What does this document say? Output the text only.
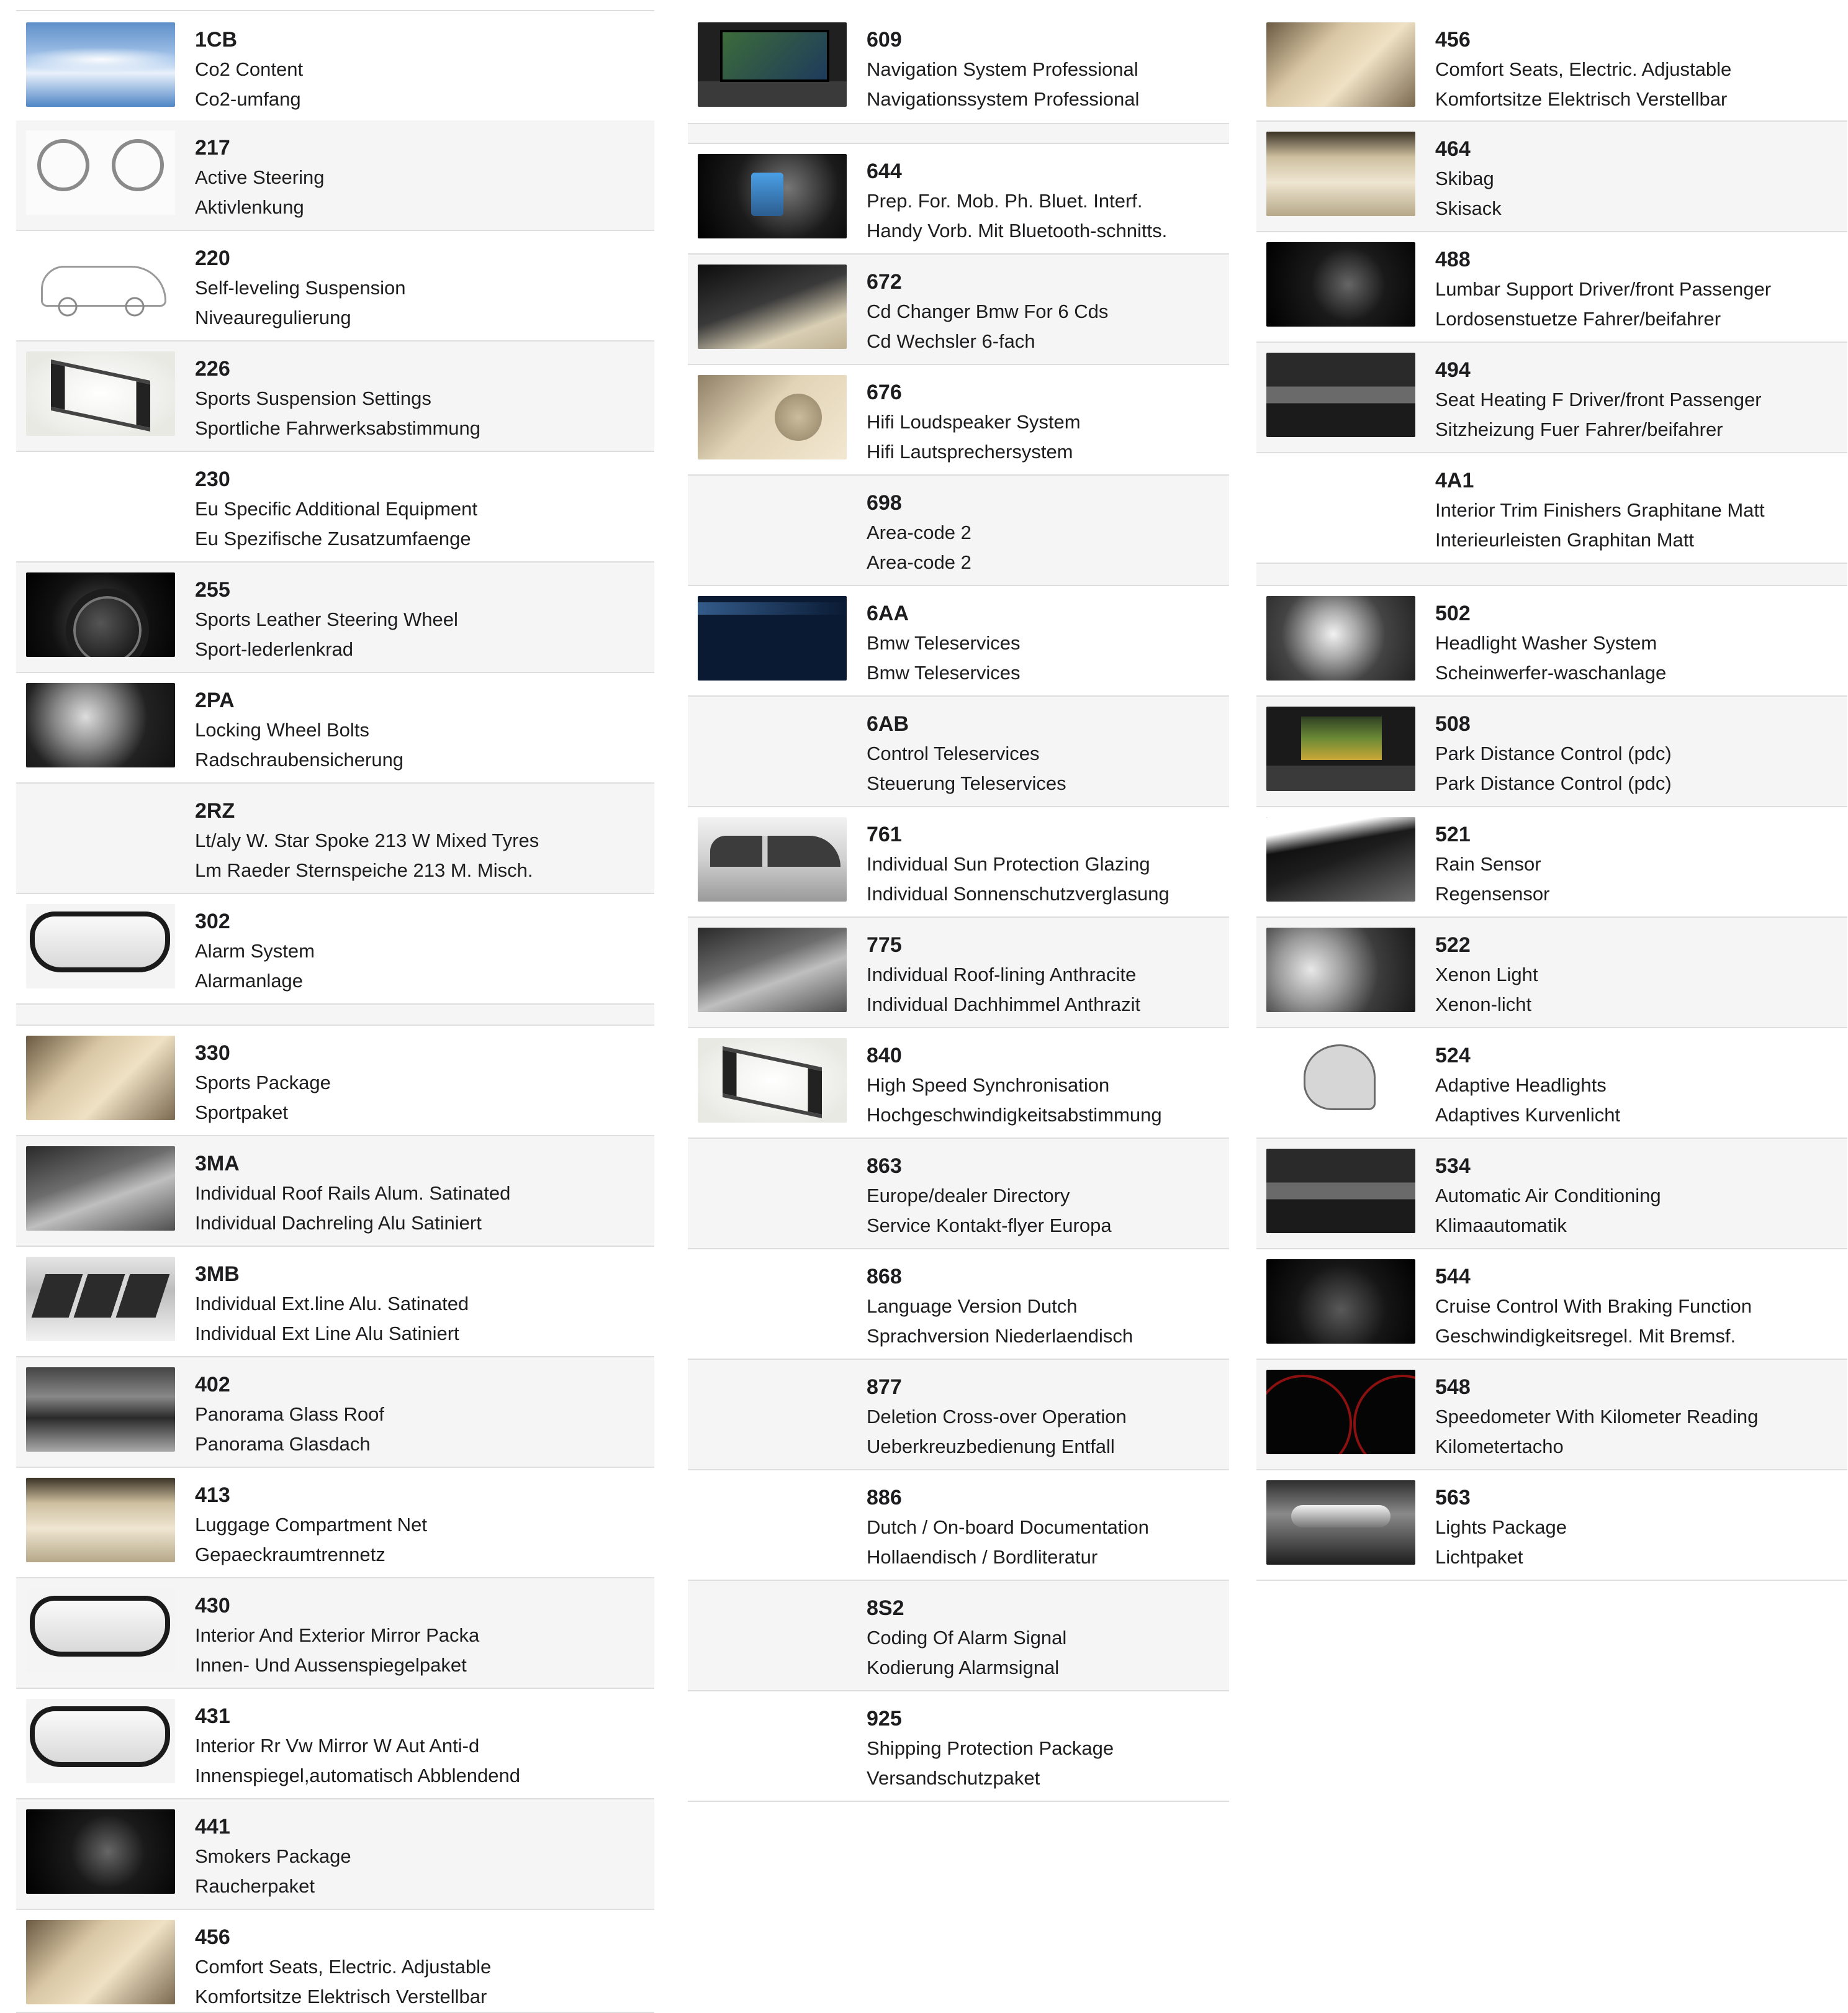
1CB
Co2 Content
Co2-umfang
217
Active Steering
Aktivlenkung
220
Self-leveling Suspension
Niveauregulierung
226
Sports Suspension Settings
Sportliche Fahrwerksabstimmung
230
Eu Specific Additional Equipment
Eu Spezifische Zusatzumfaenge
255
Sports Leather Steering Wheel
Sport-lederlenkrad
2PA
Locking Wheel Bolts
Radschraubensicherung
2RZ
Lt/aly W. Star Spoke 213 W Mixed Tyres
Lm Raeder Sternspeiche 213 M. Misch.
302
Alarm System
Alarmanlage
330
Sports Package
Sportpaket
3MA
Individual Roof Rails Alum. Satinated
Individual Dachreling Alu Satiniert
3MB
Individual Ext.line Alu. Satinated
Individual Ext Line Alu Satiniert
402
Panorama Glass Roof
Panorama Glasdach
413
Luggage Compartment Net
Gepaeckraumtrennetz
430
Interior And Exterior Mirror Packa
Innen- Und Aussenspiegelpaket
431
Interior Rr Vw Mirror W Aut Anti-d
Innenspiegel,automatisch Abblendend
441
Smokers Package
Raucherpaket
456
Comfort Seats, Electric. Adjustable
Komfortsitze Elektrisch Verstellbar
609
Navigation System Professional
Navigationssystem Professional
644
Prep. For. Mob. Ph. Bluet. Interf.
Handy Vorb. Mit Bluetooth-schnitts.
672
Cd Changer Bmw For 6 Cds
Cd Wechsler 6-fach
676
Hifi Loudspeaker System
Hifi Lautsprechersystem
698
Area-code 2
Area-code 2
6AA
Bmw Teleservices
Bmw Teleservices
6AB
Control Teleservices
Steuerung Teleservices
761
Individual Sun Protection Glazing
Individual Sonnenschutzverglasung
775
Individual Roof-lining Anthracite
Individual Dachhimmel Anthrazit
840
High Speed Synchronisation
Hochgeschwindigkeitsabstimmung
863
Europe/dealer Directory
Service Kontakt-flyer Europa
868
Language Version Dutch
Sprachversion Niederlaendisch
877
Deletion Cross-over Operation
Ueberkreuzbedienung Entfall
886
Dutch / On-board Documentation
Hollaendisch / Bordliteratur
8S2
Coding Of Alarm Signal
Kodierung Alarmsignal
925
Shipping Protection Package
Versandschutzpaket
456
Comfort Seats, Electric. Adjustable
Komfortsitze Elektrisch Verstellbar
464
Skibag
Skisack
488
Lumbar Support Driver/front Passenger
Lordosenstuetze Fahrer/beifahrer
494
Seat Heating F Driver/front Passenger
Sitzheizung Fuer Fahrer/beifahrer
4A1
Interior Trim Finishers Graphitane Matt
Interieurleisten Graphitan Matt
502
Headlight Washer System
Scheinwerfer-waschanlage
508
Park Distance Control (pdc)
Park Distance Control (pdc)
521
Rain Sensor
Regensensor
522
Xenon Light
Xenon-licht
524
Adaptive Headlights
Adaptives Kurvenlicht
534
Automatic Air Conditioning
Klimaautomatik
544
Cruise Control With Braking Function
Geschwindigkeitsregel. Mit Bremsf.
548
Speedometer With Kilometer Reading
Kilometertacho
563
Lights Package
Lichtpaket
